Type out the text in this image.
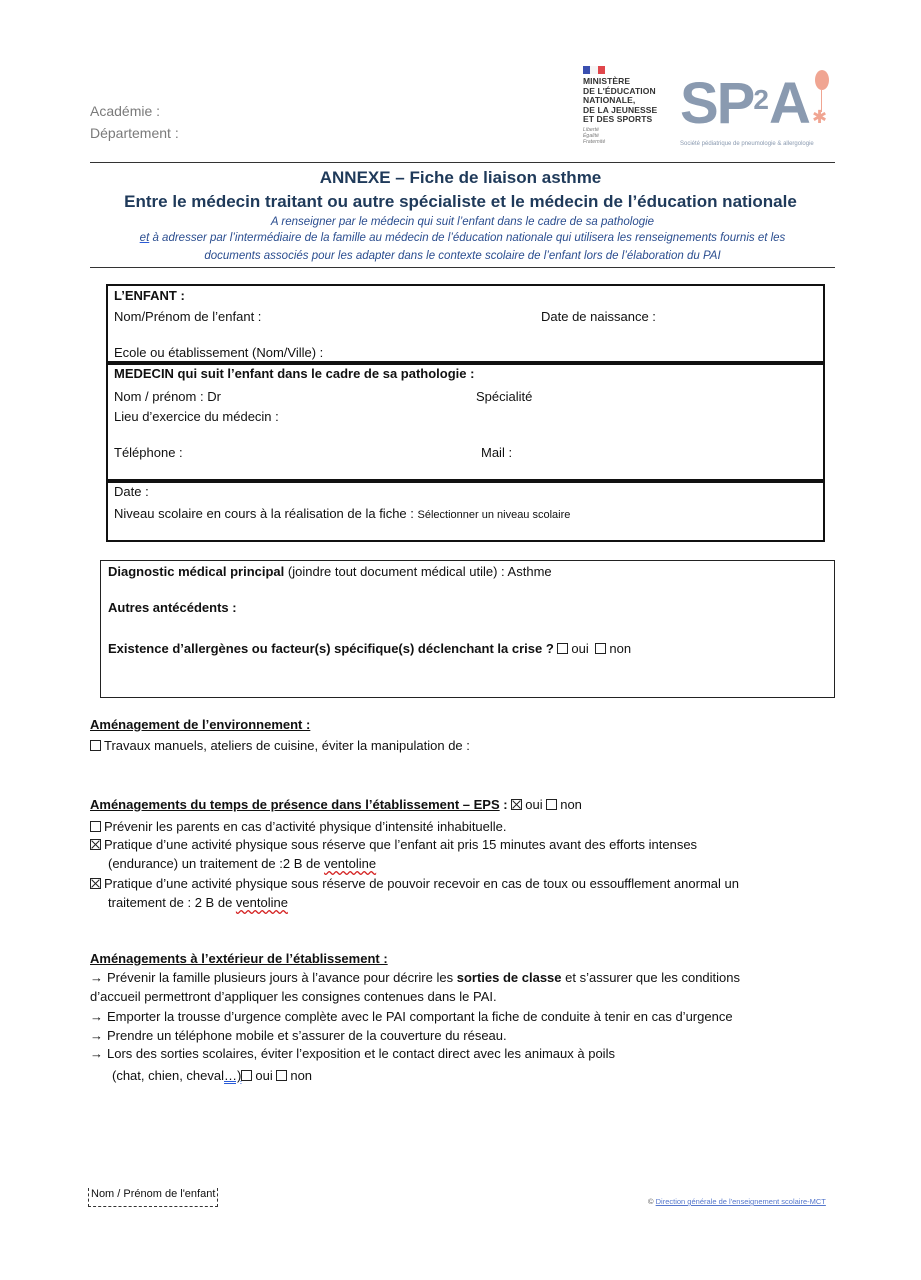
Académie :
Département :
MINISTÈRE
DE L'ÉDUCATION
NATIONALE,
DE LA JEUNESSE
ET DES SPORTS
Liberté
Égalité
Fraternité
$SP^2A$ ✱
Société pédiatrique de pneumologie & allergologie
ANNEXE – Fiche de liaison asthme
Entre le médecin traitant ou autre spécialiste et le médecin de l’éducation nationale
A renseigner par le médecin qui suit l’enfant dans le cadre de sa pathologie
et à adresser par l’intermédiaire de la famille au médecin de l’éducation nationale qui utilisera les renseignements fournis et les
documents associés pour les adapter dans le contexte scolaire de l’enfant lors de l’élaboration du PAI
L’ENFANT :
Nom/Prénom de l’enfant :	Date de naissance :
Ecole ou établissement (Nom/Ville) :
MEDECIN qui suit l’enfant dans le cadre de sa pathologie :
Nom / prénom : Dr	Spécialité
Lieu d’exercice du médecin :
Téléphone :	Mail :
Date :
Niveau scolaire en cours à la réalisation de la fiche : Sélectionner un niveau scolaire
Diagnostic médical principal (joindre tout document médical utile) : Asthme
Autres antécédents :
Existence d’allergènes ou facteur(s) spécifique(s) déclenchant la crise ? oui non
Aménagement de l’environnement :
Travaux manuels, ateliers de cuisine, éviter la manipulation de :
Aménagements du temps de présence dans l’établissement – EPS : oui non
Prévenir les parents en cas d’activité physique d’intensité inhabituelle.
Pratique d’une activité physique sous réserve que l’enfant ait pris 15 minutes avant des efforts intenses
(endurance) un traitement de :2 B de ventoline
Pratique d’une activité physique sous réserve de pouvoir recevoir en cas de toux ou essoufflement anormal un
traitement de : 2 B de ventoline
Aménagements à l’extérieur de l’établissement :
→ Prévenir la famille plusieurs jours à l’avance pour décrire les sorties de classe et s’assurer que les conditions
d’accueil permettront d’appliquer les consignes contenues dans le PAI.
→ Emporter la trousse d’urgence complète avec le PAI comportant la fiche de conduite à tenir en cas d’urgence
→ Prendre un téléphone mobile et s’assurer de la couverture du réseau.
→ Lors des sorties scolaires, éviter l’exposition et le contact direct avec les animaux à poils
(chat, chien, cheval…) oui non
Nom / Prénom de l'enfant
© Direction générale de l'enseignement scolaire-MCT
